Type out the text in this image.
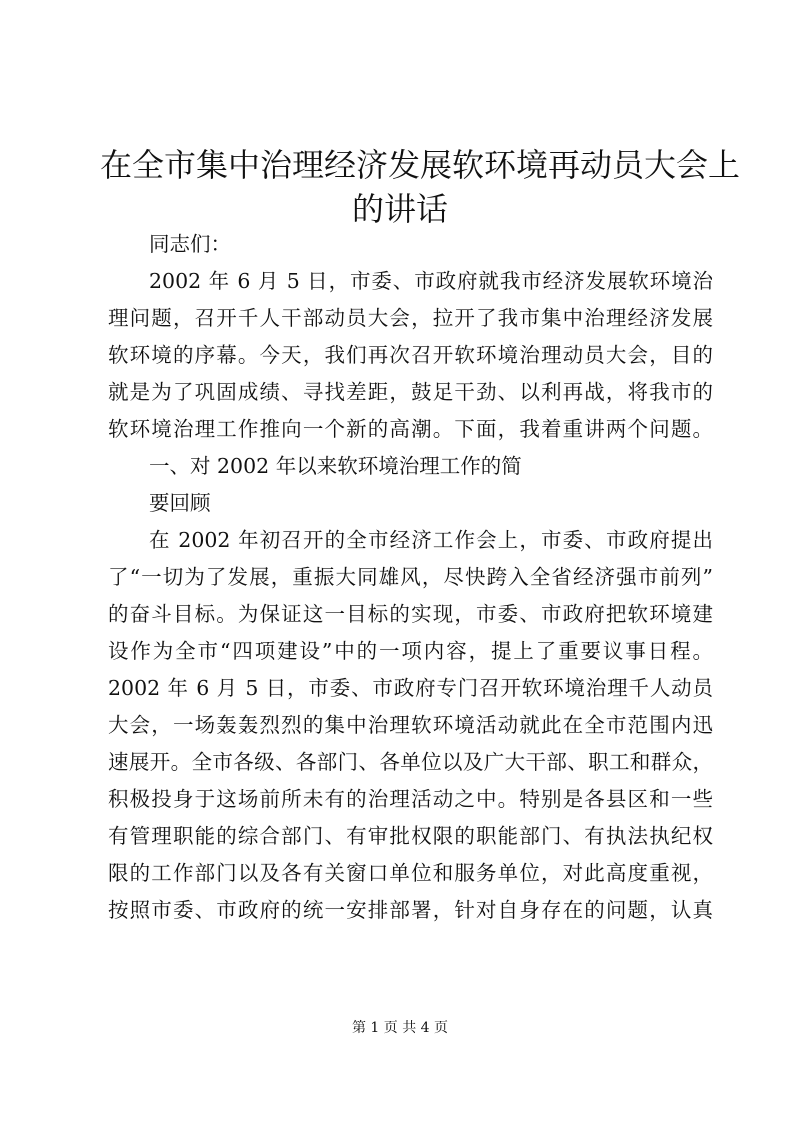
在全市集中治理经济发展软环境再动员大会上
的讲话
同志们：
2002 年 6 月 5 日，市委、市政府就我市经济发展软环境治
理问题，召开千人干部动员大会，拉开了我市集中治理经济发展
软环境的序幕。今天，我们再次召开软环境治理动员大会，目的
就是为了巩固成绩、寻找差距，鼓足干劲、以利再战，将我市的
软环境治理工作推向一个新的高潮。下面，我着重讲两个问题。
一、对 2002 年以来软环境治理工作的简
要回顾
在 2002 年初召开的全市经济工作会上，市委、市政府提出
了“一切为了发展，重振大同雄风，尽快跨入全省经济强市前列”
的奋斗目标。为保证这一目标的实现，市委、市政府把软环境建
设作为全市“四项建设”中的一项内容，提上了重要议事日程。
2002 年 6 月 5 日，市委、市政府专门召开软环境治理千人动员
大会，一场轰轰烈烈的集中治理软环境活动就此在全市范围内迅
速展开。全市各级、各部门、各单位以及广大干部、职工和群众，
积极投身于这场前所未有的治理活动之中。特别是各县区和一些
有管理职能的综合部门、有审批权限的职能部门、有执法执纪权
限的工作部门以及各有关窗口单位和服务单位，对此高度重视，
按照市委、市政府的统一安排部署，针对自身存在的问题，认真
第 1 页 共 4 页
